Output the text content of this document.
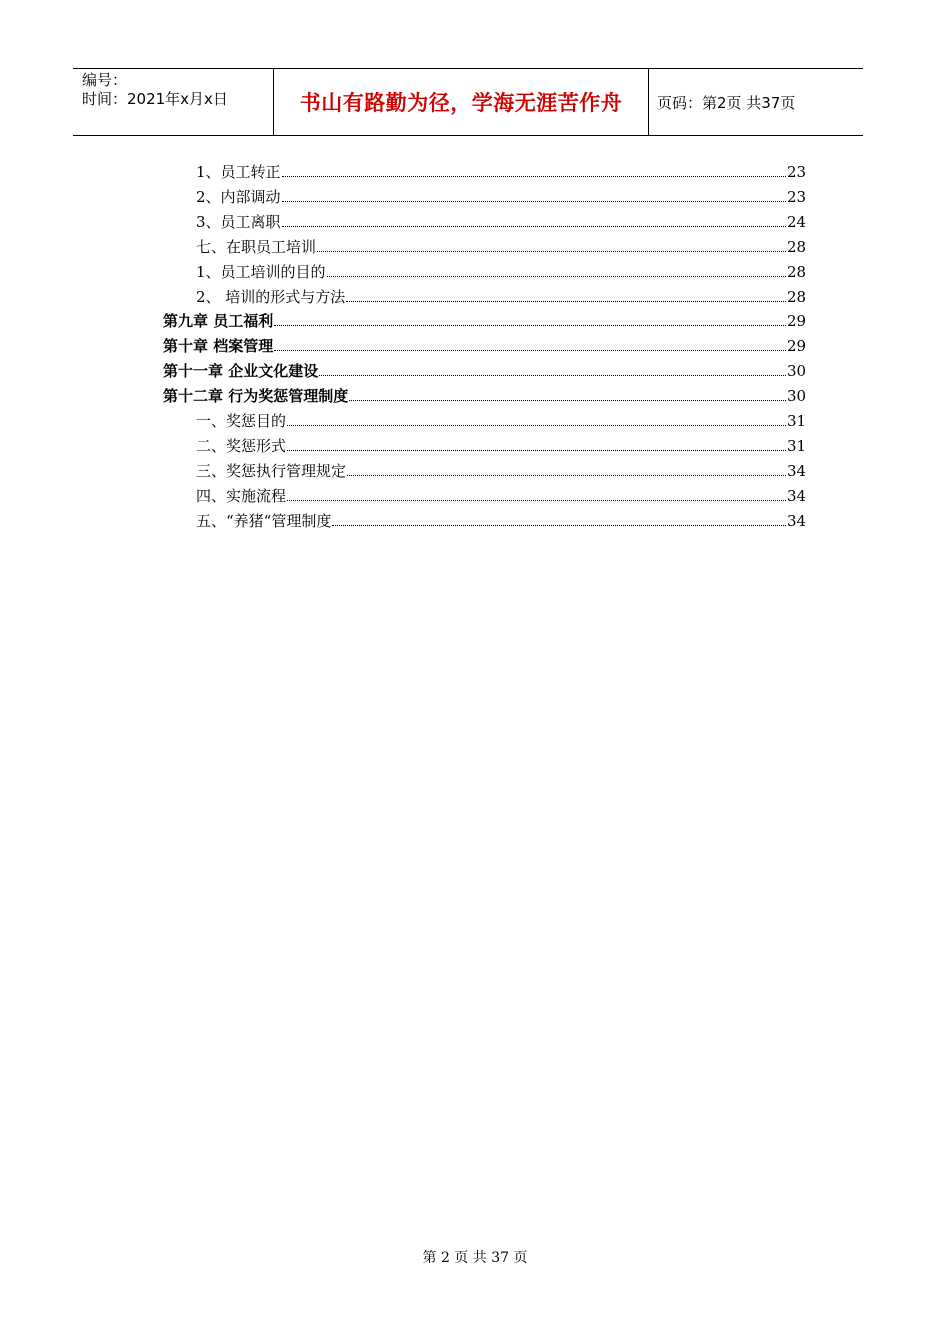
编号：
时间：2021年x月x日	书山有路勤为径，学海无涯苦作舟	页码：第2页 共37页
1、员工转正	23
2、内部调动	23
3、员工离职	24
七、在职员工培训	28
1、员工培训的目的	28
2、 培训的形式与方法	28
第九章 员工福利	29
第十章 档案管理	29
第十一章 企业文化建设	30
第十二章 行为奖惩管理制度	30
一、奖惩目的	31
二、奖惩形式	31
三、奖惩执行管理规定	34
四、实施流程	34
五、“养猪“管理制度	34
第 2 页 共 37 页
